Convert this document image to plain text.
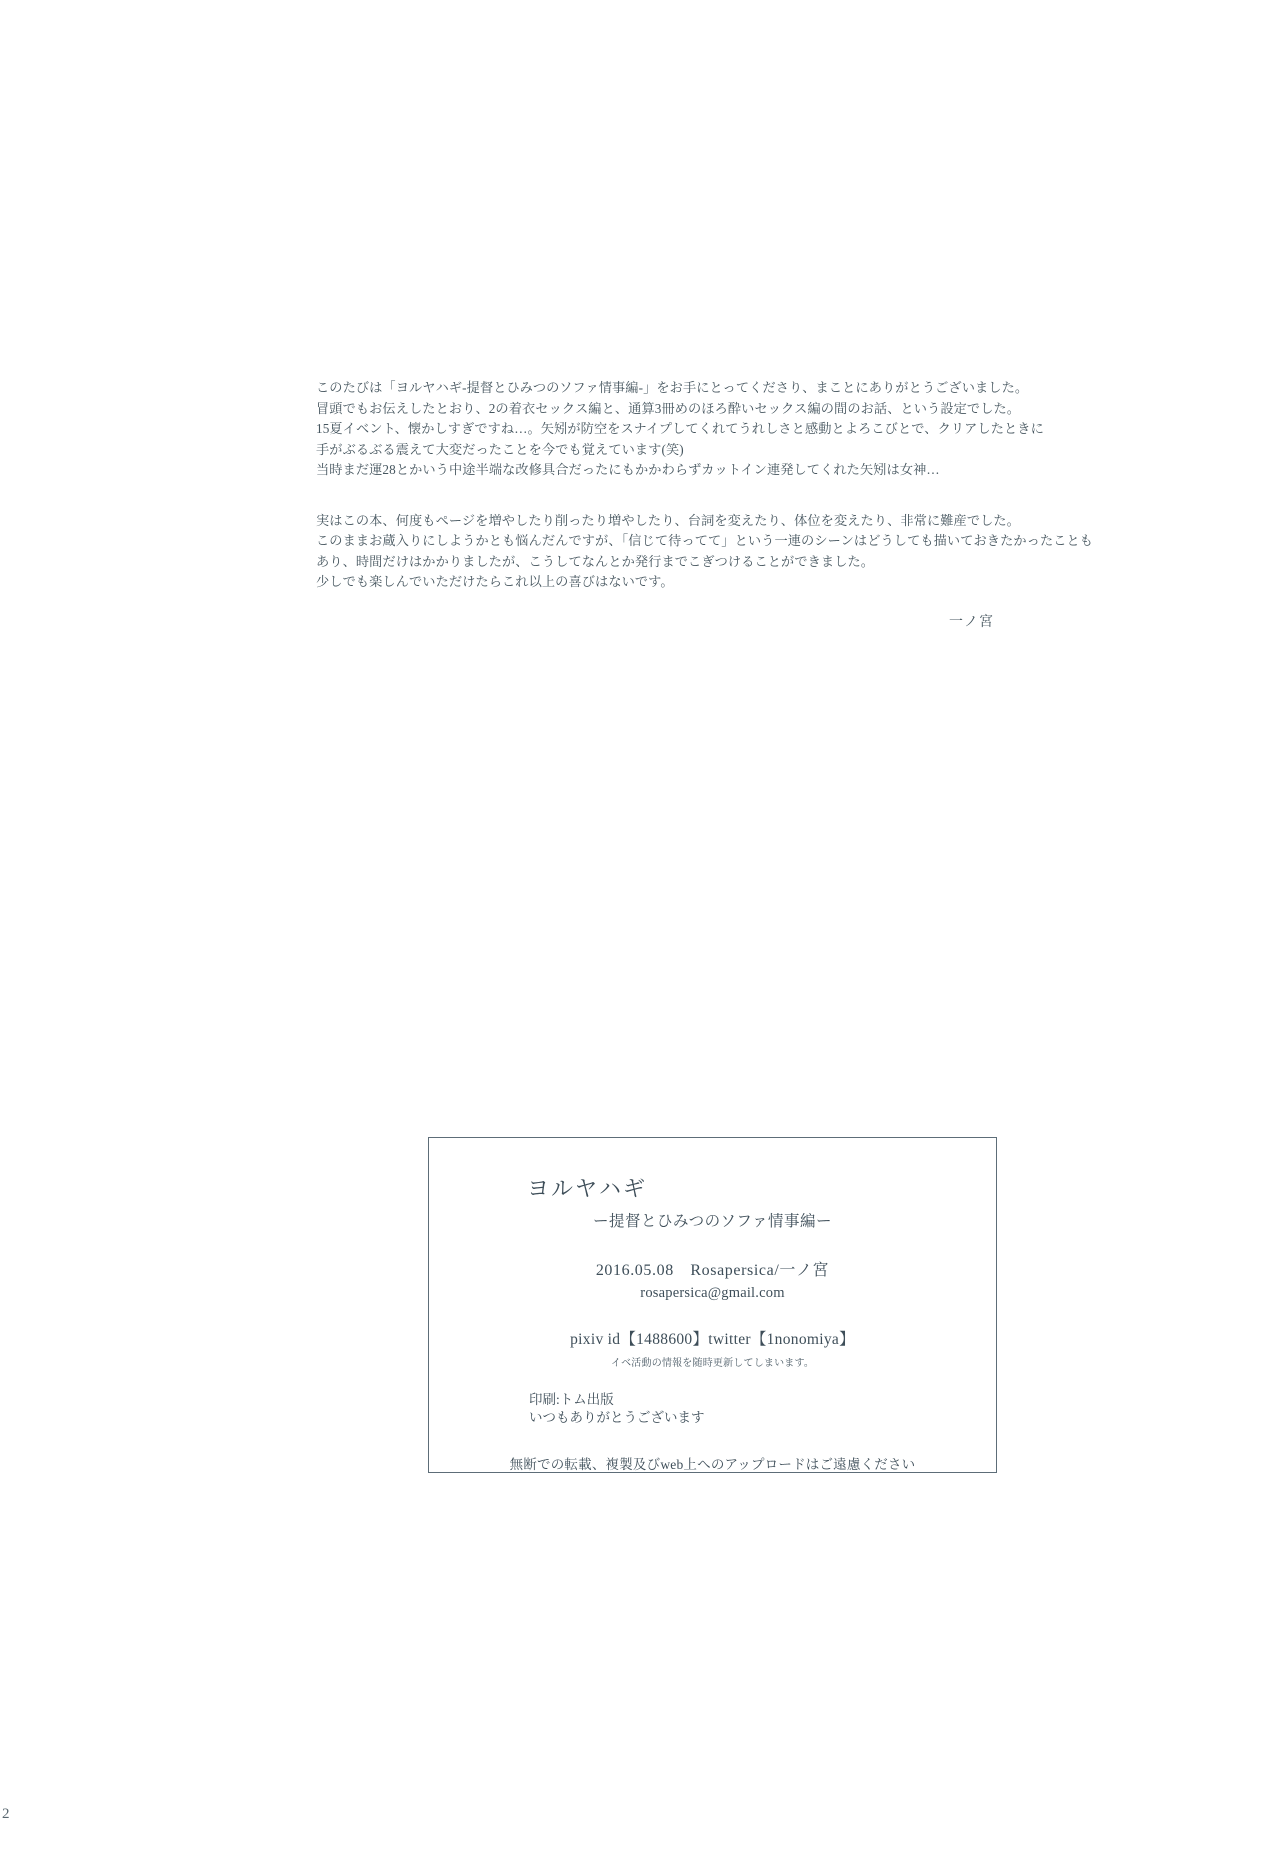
このたびは「ヨルヤハギ-提督とひみつのソファ情事編-」をお手にとってくださり、まことにありがとうございました。

冒頭でもお伝えしたとおり、2の着衣セックス編と、通算3冊めのほろ酔いセックス編の間のお話、という設定でした。

15夏イベント、懐かしすぎですね…。矢矧が防空をスナイプしてくれてうれしさと感動とよろこびとで、クリアしたときに

手がぶるぶる震えて大変だったことを今でも覚えています(笑)

当時まだ運28とかいう中途半端な改修具合だったにもかかわらずカットイン連発してくれた矢矧は女神…

実はこの本、何度もページを増やしたり削ったり増やしたり、台詞を変えたり、体位を変えたり、非常に難産でした。

このままお蔵入りにしようかとも悩んだんですが、「信じて待ってて」という一連のシーンはどうしても描いておきたかったことも

あり、時間だけはかかりましたが、こうしてなんとか発行までこぎつけることができました。

少しでも楽しんでいただけたらこれ以上の喜びはないです。

一ノ宮
ヨルヤハギ
ー提督とひみつのソファ情事編ー
2016.05.08　Rosapersica/一ノ宮
rosapersica@gmail.com
pixiv id【1488600】twitter【1nonomiya】
イベ活動の情報を随時更新してしまいます。
印刷:トム出版
いつもありがとうございます
無断での転載、複製及びweb上へのアップロードはご遠慮ください
2
